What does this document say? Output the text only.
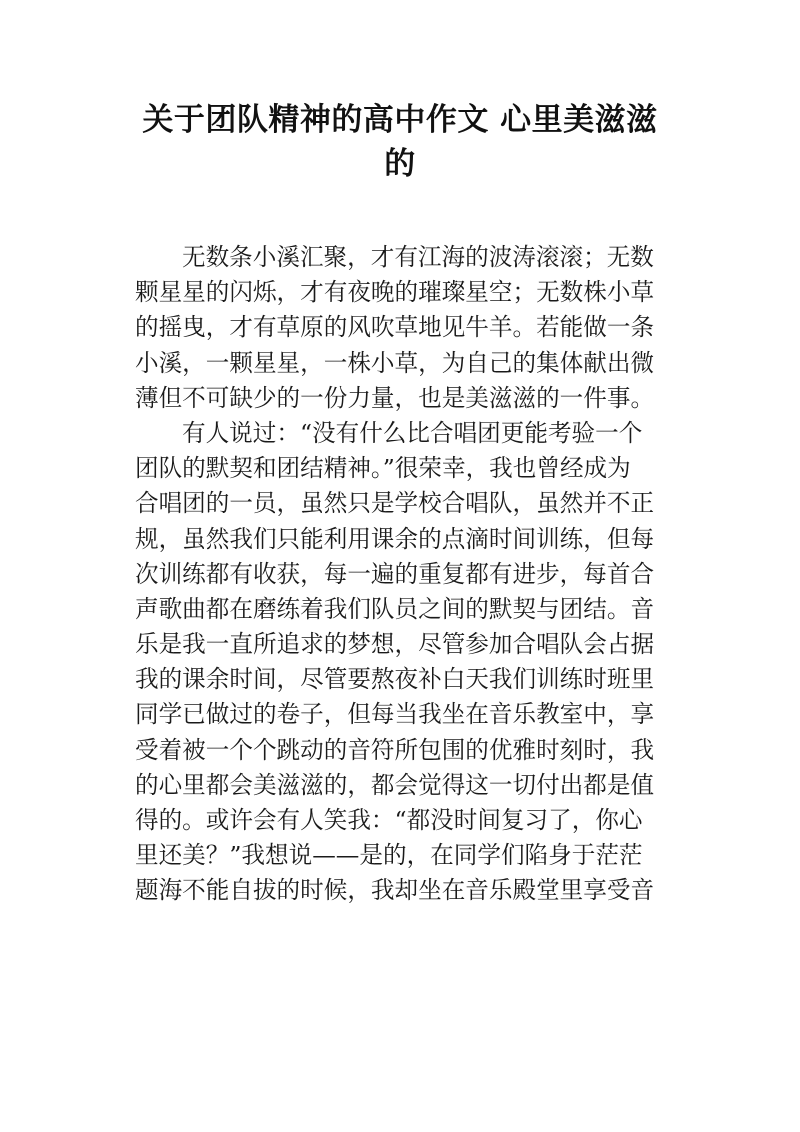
关于团队精神的高中作文 心里美滋滋
的
无数条小溪汇聚，才有江海的波涛滚滚；无数
颗星星的闪烁，才有夜晚的璀璨星空；无数株小草
的摇曳，才有草原的风吹草地见牛羊。若能做一条
小溪，一颗星星，一株小草，为自己的集体献出微
薄但不可缺少的一份力量，也是美滋滋的一件事。
有人说过：“没有什么比合唱团更能考验一个
团队的默契和团结精神。”很荣幸，我也曾经成为
合唱团的一员，虽然只是学校合唱队，虽然并不正
规，虽然我们只能利用课余的点滴时间训练，但每
次训练都有收获，每一遍的重复都有进步，每首合
声歌曲都在磨练着我们队员之间的默契与团结。音
乐是我一直所追求的梦想，尽管参加合唱队会占据
我的课余时间，尽管要熬夜补白天我们训练时班里
同学已做过的卷子，但每当我坐在音乐教室中，享
受着被一个个跳动的音符所包围的优雅时刻时，我
的心里都会美滋滋的，都会觉得这一切付出都是值
得的。或许会有人笑我：“都没时间复习了，你心
里还美？”我想说——是的，在同学们陷身于茫茫
题海不能自拔的时候，我却坐在音乐殿堂里享受音
